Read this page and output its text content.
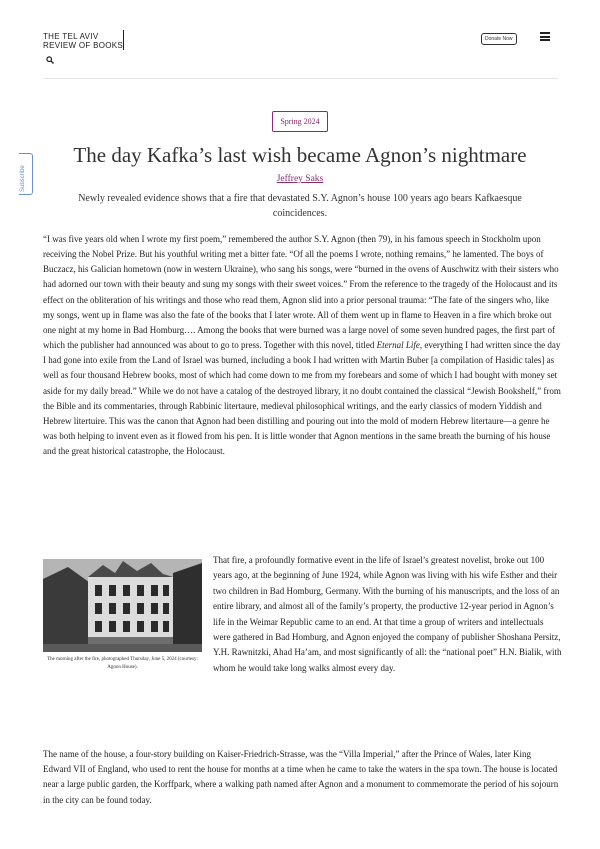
THE TEL AVIV
REVIEW OF BOOKS
Donate Now
Subscribe
Spring 2024
The day Kafka’s last wish became Agnon’s nightmare
Jeffrey Saks

Newly revealed evidence shows that a fire that devastated S.Y. Agnon’s house 100 years ago bears Kafkaesque coincidences.

“I was five years old when I wrote my first poem,” remembered the author S.Y. Agnon (then 79), in his famous speech in Stockholm upon receiving the Nobel Prize. But his youthful writing met a bitter fate. “Of all the poems I wrote, nothing remains,” he lamented. The boys of Buczacz, his Galician hometown (now in western Ukraine), who sang his songs, were “burned in the ovens of Auschwitz with their sisters who had adorned our town with their beauty and sung my songs with their sweet voices.” From the reference to the tragedy of the Holocaust and its effect on the obliteration of his writings and those who read them, Agnon slid into a prior personal trauma: “The fate of the singers who, like my songs, went up in flame was also the fate of the books that I later wrote. All of them went up in flame to Heaven in a fire which broke out one night at my home in Bad Homburg…. Among the books that were burned was a large novel of some seven hundred pages, the first part of which the publisher had announced was about to go to press. Together with this novel, titled Eternal Life, everything I had written since the day I had gone into exile from the Land of Israel was burned, including a book I had written with Martin Buber [a compilation of Hasidic tales] as well as four thousand Hebrew books, most of which had come down to me from my forebears and some of which I had bought with money set aside for my daily bread.” While we do not have a catalog of the destroyed library, it no doubt contained the classical “Jewish Bookshelf,” from the Bible and its commentaries, through Rabbinic litertaure, medieval philosophical writings, and the early classics of modern Yiddish and Hebrew litertuire. This was the canon that Agnon had been distilling and pouring out into the mold of modern Hebrew litertaure—a genre he was both helping to invent even as it flowed from his pen. It is little wonder that Agnon mentions in the same breath the burning of his house and the great historical catastrophe, the Holocaust.

The morning after the fire, photographed Thursday, June 5, 2024 (courtesy: Agnon House).

That fire, a profoundly formative event in the life of Israel’s greatest novelist, broke out 100 years ago, at the beginning of June 1924, while Agnon was living with his wife Esther and their two children in Bad Homburg, Germany. With the burning of his manuscripts, and the loss of an entire library, and almost all of the family’s property, the productive 12-year period in Agnon’s life in the Weimar Republic came to an end. At that time a group of writers and intellectuals were gathered in Bad Homburg, and Agnon enjoyed the company of publisher Shoshana Persitz, Y.H. Rawnitzki, Ahad Ha’am, and most significantly of all: the “national poet” H.N. Bialik, with whom he would take long walks almost every day.

The name of the house, a four-story building on Kaiser-Friedrich-Strasse, was the “Villa Imperial,” after the Prince of Wales, later King Edward VII of England, who used to rent the house for months at a time when he came to take the waters in the spa town. The house is located near a large public garden, the Korffpark, where a walking path named after Agnon and a monument to commemorate the period of his sojourn in the city can be found today.
